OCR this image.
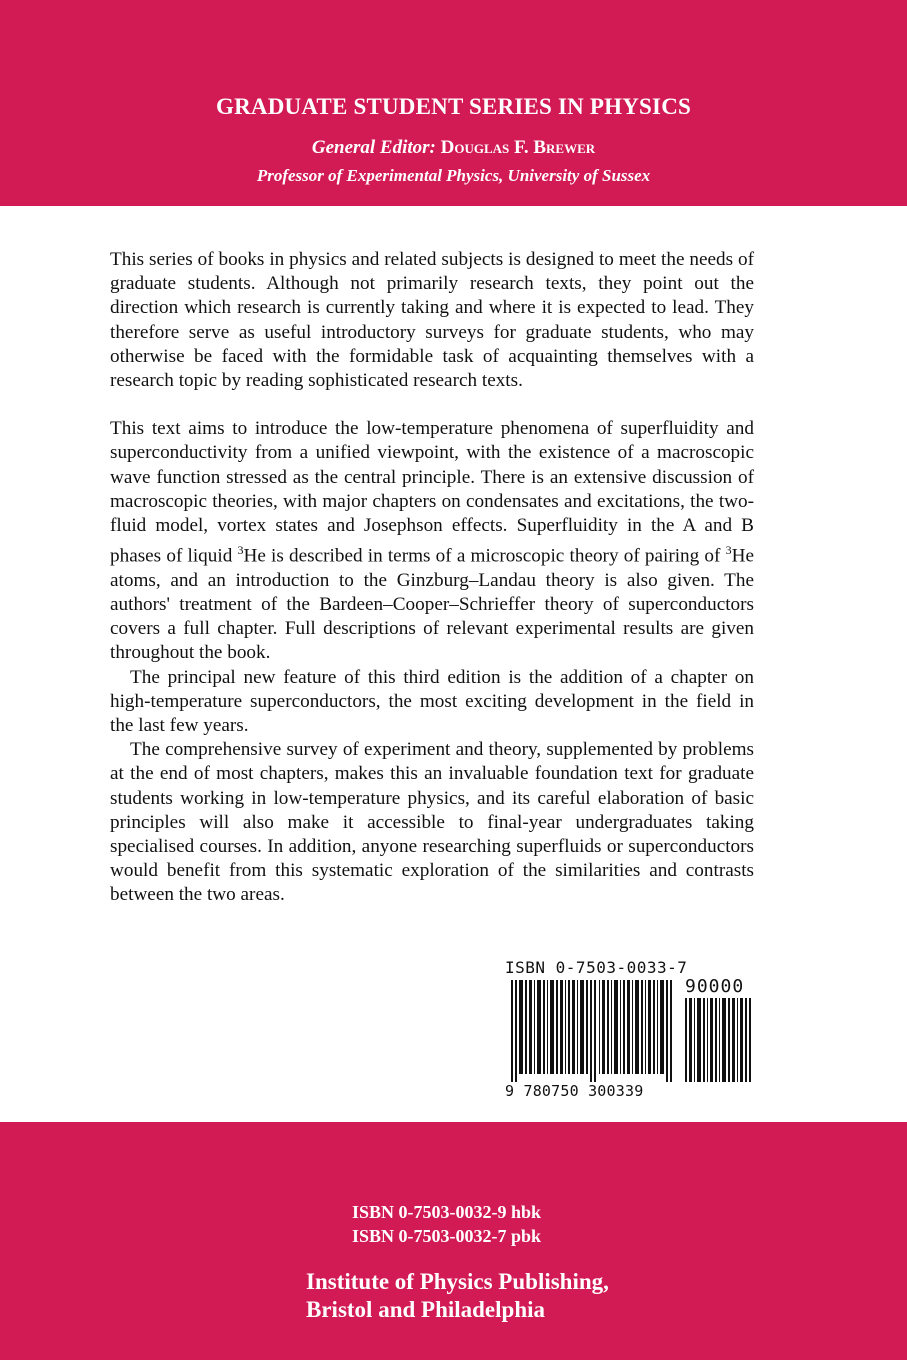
GRADUATE STUDENT SERIES IN PHYSICS
General Editor: Douglas F. Brewer
Professor of Experimental Physics, University of Sussex

This series of books in physics and related subjects is designed to meet the needs of graduate students. Although not primarily research texts, they point out the direction which research is currently taking and where it is expected to lead. They therefore serve as useful introductory surveys for graduate students, who may otherwise be faced with the formidable task of acquainting themselves with a research topic by reading sophisticated research texts.

This text aims to introduce the low-temperature phenomena of superfluidity and superconductivity from a unified viewpoint, with the existence of a macroscopic wave function stressed as the central principle. There is an extensive discussion of macroscopic theories, with major chapters on condensates and excitations, the two-fluid model, vortex states and Josephson effects. Superfluidity in the A and B phases of liquid $^3$He is described in terms of a microscopic theory of pairing of $^3$He atoms, and an introduction to the Ginzburg–Landau theory is also given. The authors' treatment of the Bardeen–Cooper–Schrieffer theory of superconductors covers a full chapter. Full descriptions of relevant experimental results are given throughout the book.

The principal new feature of this third edition is the addition of a chapter on high-temperature superconductors, the most exciting development in the field in the last few years.

The comprehensive survey of experiment and theory, supplemented by problems at the end of most chapters, makes this an invaluable foundation text for graduate students working in low-temperature physics, and its careful elaboration of basic principles will also make it accessible to final-year undergraduates taking specialised courses. In addition, anyone researching superfluids or superconductors would benefit from this systematic exploration of the similarities and contrasts between the two areas.

ISBN 0-7503-0033-7
90000
9 780750 300339
ISBN 0-7503-0032-9 hbk
ISBN 0-7503-0032-7 pbk
Institute of Physics Publishing,
Bristol and Philadelphia
